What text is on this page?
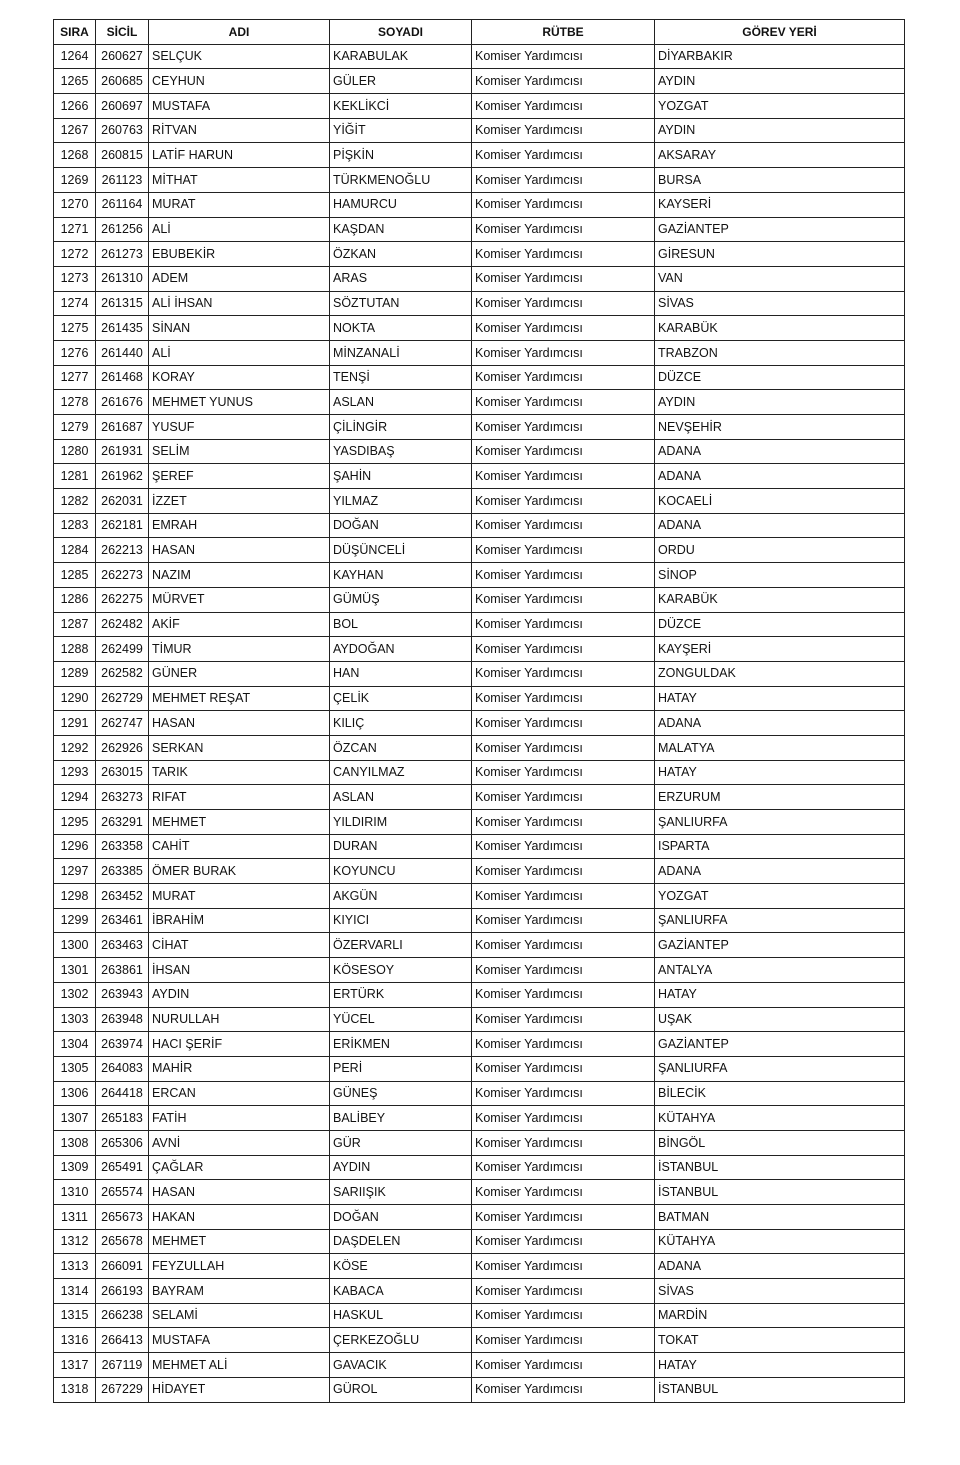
SIRA	SİCİL	ADI	SOYADI	RÜTBE	GÖREV YERİ
1264	260627	SELÇUK	KARABULAK	Komiser Yardımcısı	DİYARBAKIR
1265	260685	CEYHUN	GÜLER	Komiser Yardımcısı	AYDIN
1266	260697	MUSTAFA	KEKLİKCİ	Komiser Yardımcısı	YOZGAT
1267	260763	RİTVAN	YİĞİT	Komiser Yardımcısı	AYDIN
1268	260815	LATİF HARUN	PİŞKİN	Komiser Yardımcısı	AKSARAY
1269	261123	MİTHAT	TÜRKMENOĞLU	Komiser Yardımcısı	BURSA
1270	261164	MURAT	HAMURCU	Komiser Yardımcısı	KAYSERİ
1271	261256	ALİ	KAŞDAN	Komiser Yardımcısı	GAZİANTEP
1272	261273	EBUBEKİR	ÖZKAN	Komiser Yardımcısı	GİRESUN
1273	261310	ADEM	ARAS	Komiser Yardımcısı	VAN
1274	261315	ALİ İHSAN	SÖZTUTAN	Komiser Yardımcısı	SİVAS
1275	261435	SİNAN	NOKTA	Komiser Yardımcısı	KARABÜK
1276	261440	ALİ	MİNZANALİ	Komiser Yardımcısı	TRABZON
1277	261468	KORAY	TENŞİ	Komiser Yardımcısı	DÜZCE
1278	261676	MEHMET YUNUS	ASLAN	Komiser Yardımcısı	AYDIN
1279	261687	YUSUF	ÇİLİNGİR	Komiser Yardımcısı	NEVŞEHİR
1280	261931	SELİM	YASDIBAŞ	Komiser Yardımcısı	ADANA
1281	261962	ŞEREF	ŞAHİN	Komiser Yardımcısı	ADANA
1282	262031	İZZET	YILMAZ	Komiser Yardımcısı	KOCAELİ
1283	262181	EMRAH	DOĞAN	Komiser Yardımcısı	ADANA
1284	262213	HASAN	DÜŞÜNCELİ	Komiser Yardımcısı	ORDU
1285	262273	NAZIM	KAYHAN	Komiser Yardımcısı	SİNOP
1286	262275	MÜRVET	GÜMÜŞ	Komiser Yardımcısı	KARABÜK
1287	262482	AKİF	BOL	Komiser Yardımcısı	DÜZCE
1288	262499	TİMUR	AYDOĞAN	Komiser Yardımcısı	KAYŞERİ
1289	262582	GÜNER	HAN	Komiser Yardımcısı	ZONGULDAK
1290	262729	MEHMET REŞAT	ÇELİK	Komiser Yardımcısı	HATAY
1291	262747	HASAN	KILIÇ	Komiser Yardımcısı	ADANA
1292	262926	SERKAN	ÖZCAN	Komiser Yardımcısı	MALATYA
1293	263015	TARIK	CANYILMAZ	Komiser Yardımcısı	HATAY
1294	263273	RIFAT	ASLAN	Komiser Yardımcısı	ERZURUM
1295	263291	MEHMET	YILDIRIM	Komiser Yardımcısı	ŞANLIURFA
1296	263358	CAHİT	DURAN	Komiser Yardımcısı	ISPARTA
1297	263385	ÖMER BURAK	KOYUNCU	Komiser Yardımcısı	ADANA
1298	263452	MURAT	AKGÜN	Komiser Yardımcısı	YOZGAT
1299	263461	İBRAHİM	KIYICI	Komiser Yardımcısı	ŞANLIURFA
1300	263463	CİHAT	ÖZERVARLI	Komiser Yardımcısı	GAZİANTEP
1301	263861	İHSAN	KÖSESOY	Komiser Yardımcısı	ANTALYA
1302	263943	AYDIN	ERTÜRK	Komiser Yardımcısı	HATAY
1303	263948	NURULLAH	YÜCEL	Komiser Yardımcısı	UŞAK
1304	263974	HACI ŞERİF	ERİKMEN	Komiser Yardımcısı	GAZİANTEP
1305	264083	MAHİR	PERİ	Komiser Yardımcısı	ŞANLIURFA
1306	264418	ERCAN	GÜNEŞ	Komiser Yardımcısı	BİLECİK
1307	265183	FATİH	BALİBEY	Komiser Yardımcısı	KÜTAHYA
1308	265306	AVNİ	GÜR	Komiser Yardımcısı	BİNGÖL
1309	265491	ÇAĞLAR	AYDIN	Komiser Yardımcısı	İSTANBUL
1310	265574	HASAN	SARIIŞIK	Komiser Yardımcısı	İSTANBUL
1311	265673	HAKAN	DOĞAN	Komiser Yardımcısı	BATMAN
1312	265678	MEHMET	DAŞDELEN	Komiser Yardımcısı	KÜTAHYA
1313	266091	FEYZULLAH	KÖSE	Komiser Yardımcısı	ADANA
1314	266193	BAYRAM	KABACA	Komiser Yardımcısı	SİVAS
1315	266238	SELAMİ	HASKUL	Komiser Yardımcısı	MARDİN
1316	266413	MUSTAFA	ÇERKEZOĞLU	Komiser Yardımcısı	TOKAT
1317	267119	MEHMET ALİ	GAVACIK	Komiser Yardımcısı	HATAY
1318	267229	HİDAYET	GÜROL	Komiser Yardımcısı	İSTANBUL
